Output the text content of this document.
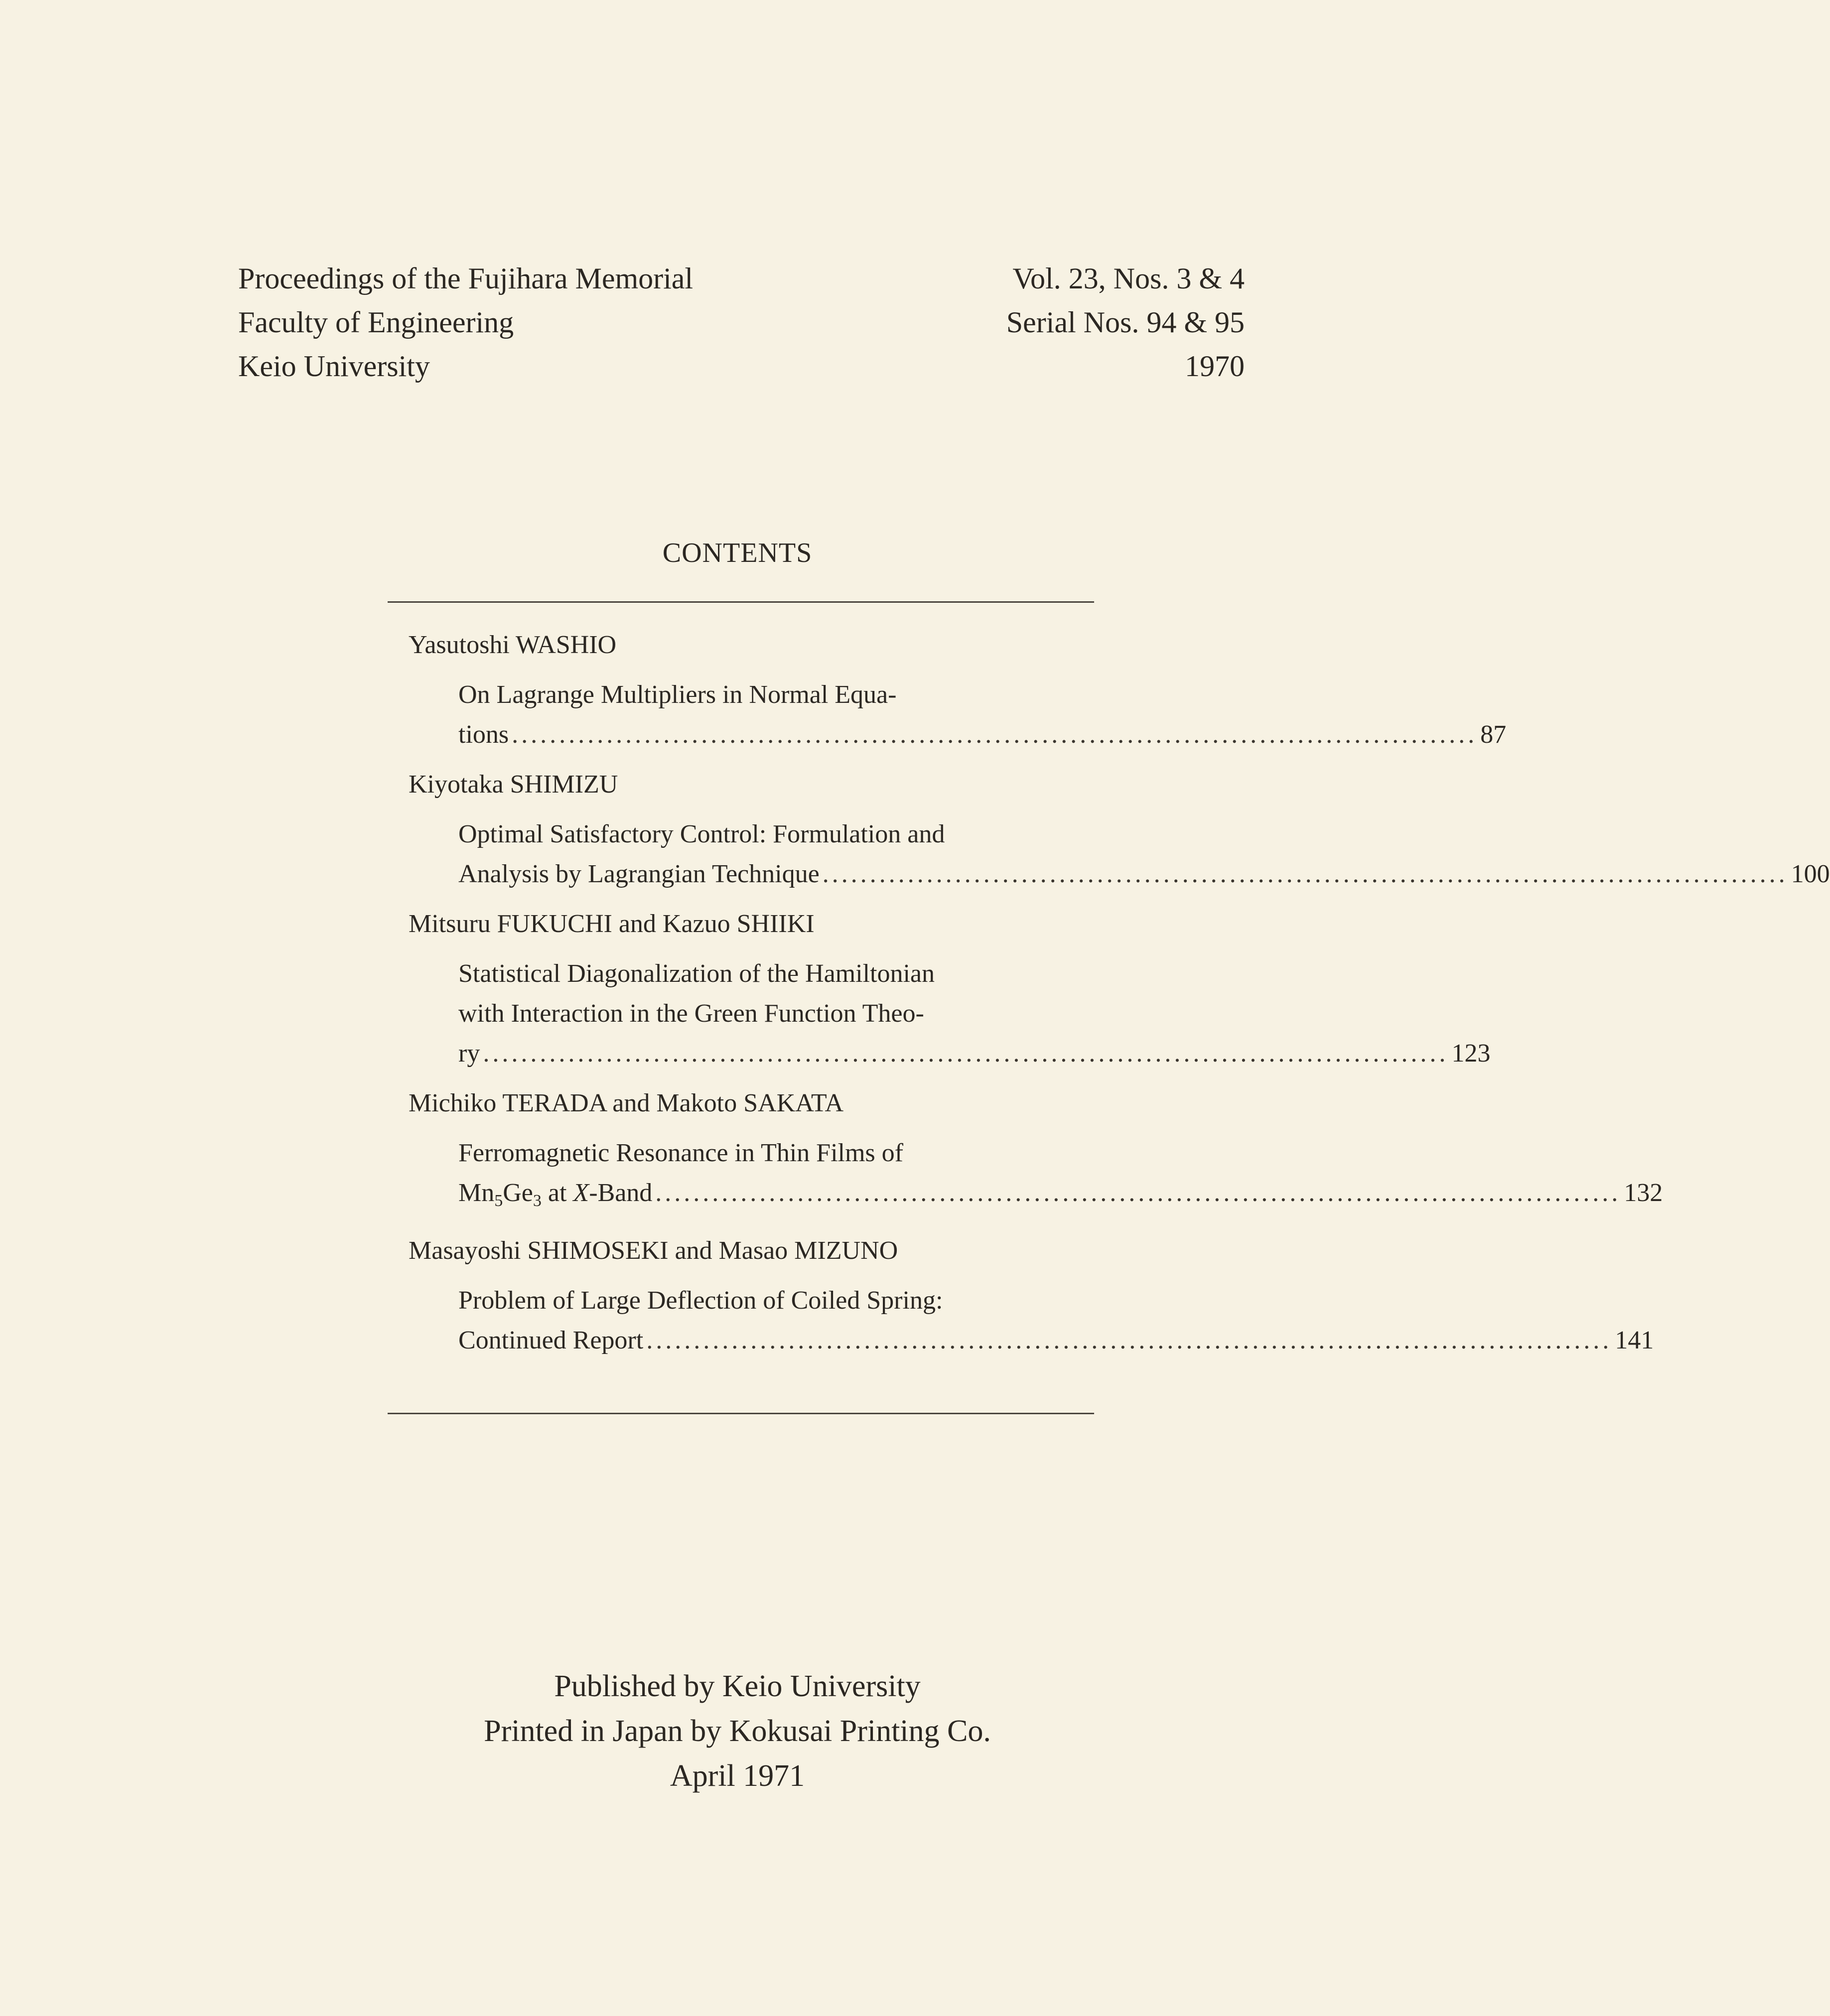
Proceedings of the Fujihara Memorial
Faculty of Engineering
Keio University
Vol. 23, Nos. 3 & 4
Serial Nos. 94 & 95
1970
CONTENTS
Yasutoshi WASHIO
On Lagrange Multipliers in Normal Equa-
tions ...................................................................................................... 87
Kiyotaka SHIMIZU
Optimal Satisfactory Control: Formulation and
Analysis by Lagrangian Technique ...................................................................................................... 100
Mitsuru FUKUCHI and Kazuo SHIIKI
Statistical Diagonalization of the Hamiltonian
with Interaction in the Green Function Theo-
ry ...................................................................................................... 123
Michiko TERADA and Makoto SAKATA
Ferromagnetic Resonance in Thin Films of
$Mn_5Ge_3$ at X-Band ...................................................................................................... 132
Masayoshi SHIMOSEKI and Masao MIZUNO
Problem of Large Deflection of Coiled Spring:
Continued Report ...................................................................................................... 141
Published by Keio University
Printed in Japan by Kokusai Printing Co.
April 1971
